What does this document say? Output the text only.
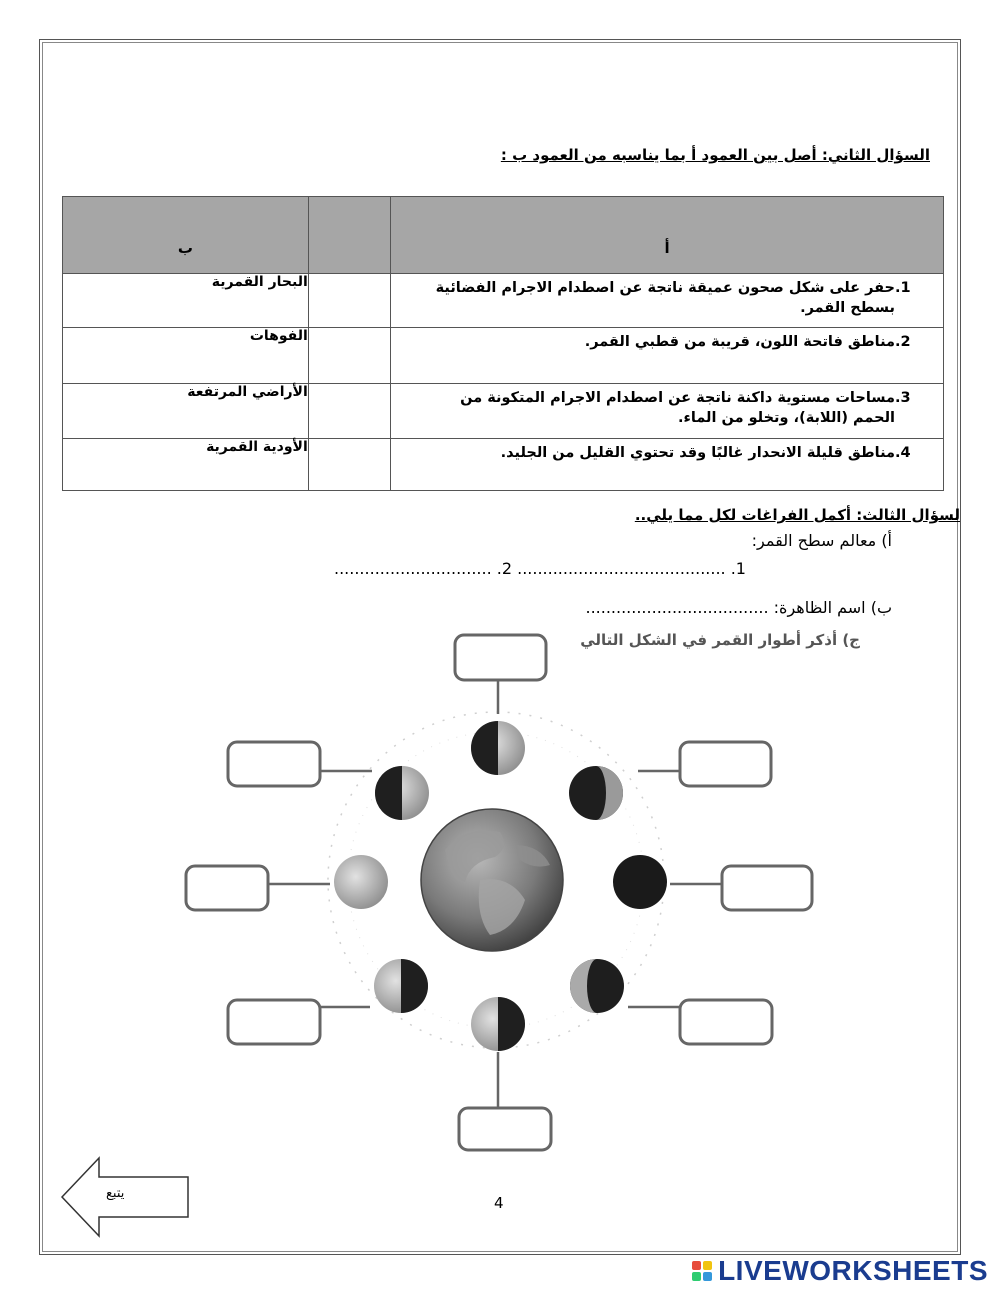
السؤال الثاني: أصل بين العمود أ بما يناسبه من العمود ب :
أ		ب

1.
حفر على شكل صحون عميقة ناتجة عن اصطدام الاجرام الفضائية بسطح القمر.		البحار القمرية

2.
مناطق فاتحة اللون، قريبة من قطبي القمر.		الفوهات

3.
مساحات مستوية داكنة ناتجة عن اصطدام الاجرام المتكونة من الحمم (اللابة)، وتخلو من الماء.		الأراضي المرتفعة

4.
مناطق قليلة الانحدار غالبًا وقد تحتوي القليل من الجليد.		الأودية القمرية
لسؤال الثالث: أكمل الفراغات لكل مما يلي..
أ) معالم سطح القمر:
............................... .2 ......................................... .1
ب) اسم الظاهرة: ....................................
ج) أذكر أطوار القمر في الشكل التالي
يتبع
4
LIVEWORKSHEETS
